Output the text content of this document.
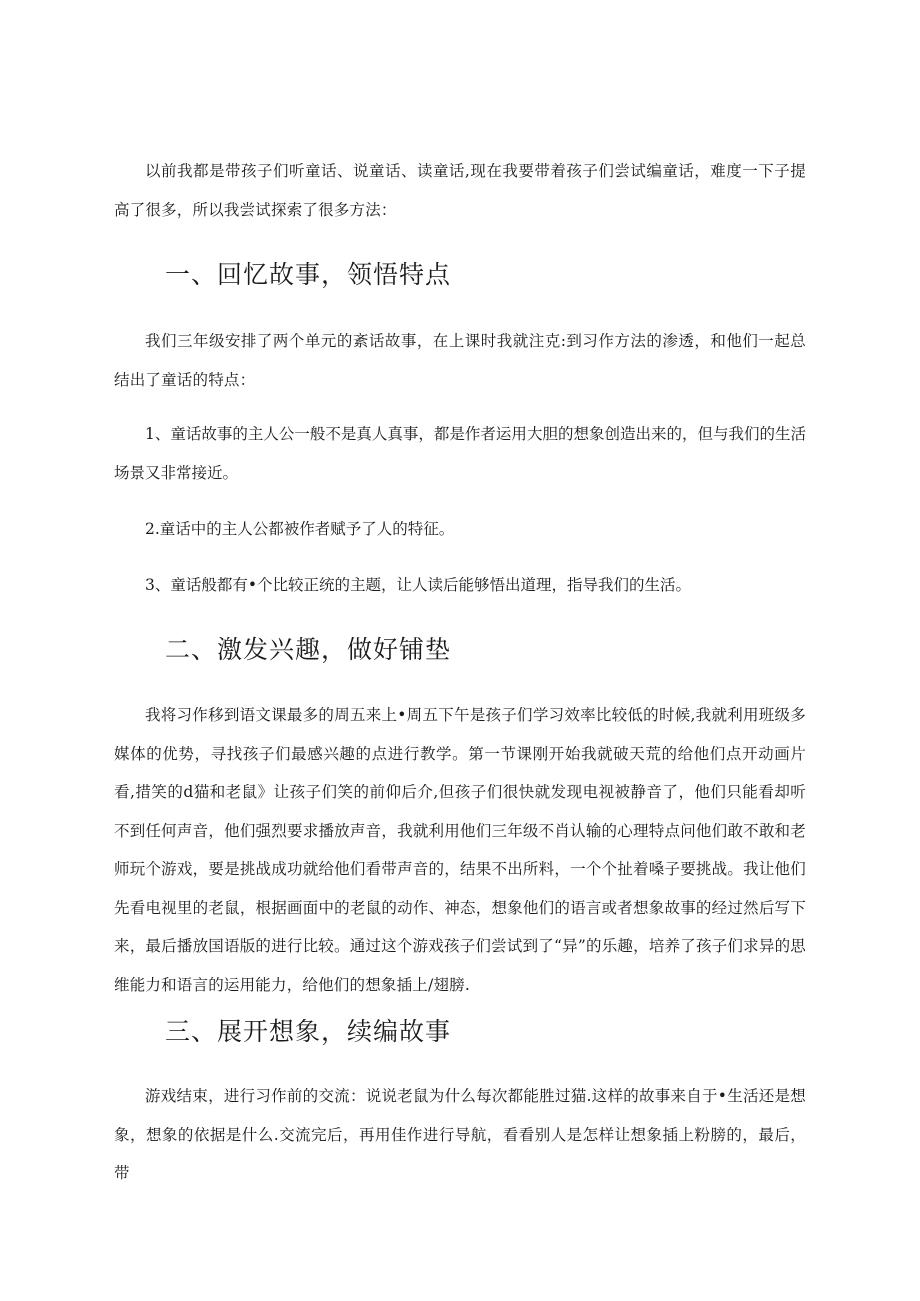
以前我都是带孩子们听童话、说童话、读童话,现在我要带着孩子们尝试编童话，难度一下子提高了很多，所以我尝试探索了很多方法：

一、回忆故事，领悟特点

我们三年级安排了两个单元的紊话故事，在上课时我就注克:到习作方法的渗透，和他们一起总结出了童话的特点：

1、童话故事的主人公一般不是真人真事，都是作者运用大胆的想象创造出来的，但与我们的生活场景又非常接近。

2.童话中的主人公都被作者赋予了人的特征。

3、童话般都有•个比较正统的主题，让人读后能够悟出道理，指导我们的生活。

二、激发兴趣，做好铺垫

我将习作移到语文课最多的周五来上•周五下午是孩子们学习效率比较低的时候,我就利用班级多媒体的优势，寻找孩子们最感兴趣的点进行教学。第一节课刚开始我就破天荒的给他们点开动画片看,措笑的d猫和老鼠》让孩子们笑的前仰后介,但孩子们很快就发现电视被静音了，他们只能看却听不到任何声音，他们强烈要求播放声音，我就利用他们三年级不肖认输的心理特点问他们敢不敢和老师玩个游戏，要是挑战成功就给他们看带声音的，结果不出所料，一个个扯着嗓子要挑战。我让他们先看电视里的老鼠，根据画面中的老鼠的动作、神态，想象他们的语言或者想象故事的经过然后写下来，最后播放国语版的进行比较。通过这个游戏孩子们尝试到了“异”的乐趣，培养了孩子们求异的思维能力和语言的运用能力，给他们的想象插上/翅膀.

三、展开想象，续编故事

游戏结束，进行习作前的交流：说说老鼠为什么每次都能胜过猫.这样的故事来自于•生活还是想象，想象的依据是什么.交流完后，再用佳作进行导航，看看别人是怎样让想象插上粉膀的，最后，带
